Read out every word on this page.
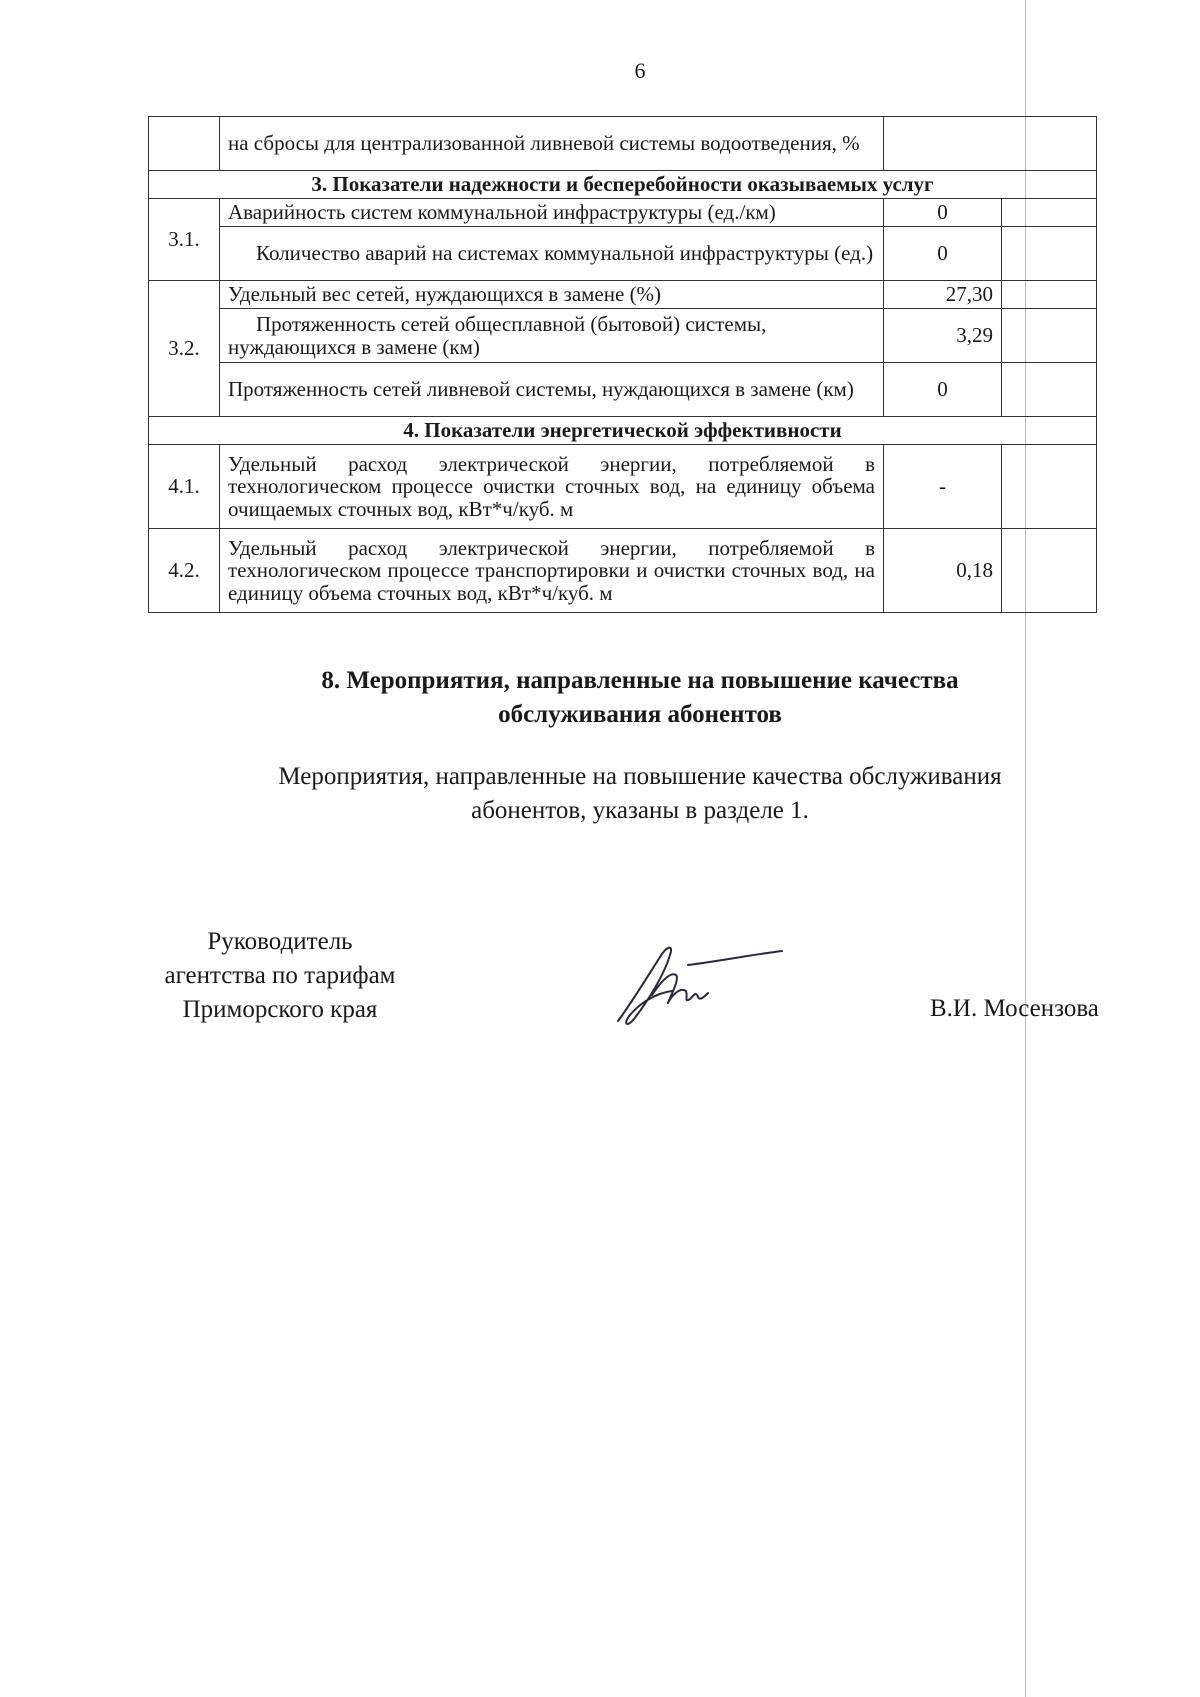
6
	на сбросы для централизованной ливневой системы водоотведения, %		
3. Показатели надежности и бесперебойности оказываемых услуг			
3.1.	Аварийность систем коммунальной инфраструктуры (ед./км)	0	
	Количество аварий на системах коммунальной инфраструктуры (ед.)	0	
3.2.	Удельный вес сетей, нуждающихся в замене (%)	27,30	
	Протяженность сетей общесплавной (бытовой) системы, нуждающихся в замене (км)	3,29	
	Протяженность сетей ливневой системы, нуждающихся в замене (км)	0	
4. Показатели энергетической эффективности			
4.1.	Удельный расход электрической энергии, потребляемой в технологическом процессе очистки сточных вод, на единицу объема очищаемых сточных вод, кВт*ч/куб. м	-	
4.2.	Удельный расход электрической энергии, потребляемой в технологическом процессе транспортировки и очистки сточных вод, на единицу объема сточных вод, кВт*ч/куб. м	0,18	
8. Мероприятия, направленные на повышение качества
обслуживания абонентов
Мероприятия, направленные на повышение качества обслуживания
абонентов, указаны в разделе 1.
Руководитель
агентства по тарифам
Приморского края	В.И. Мосензова
